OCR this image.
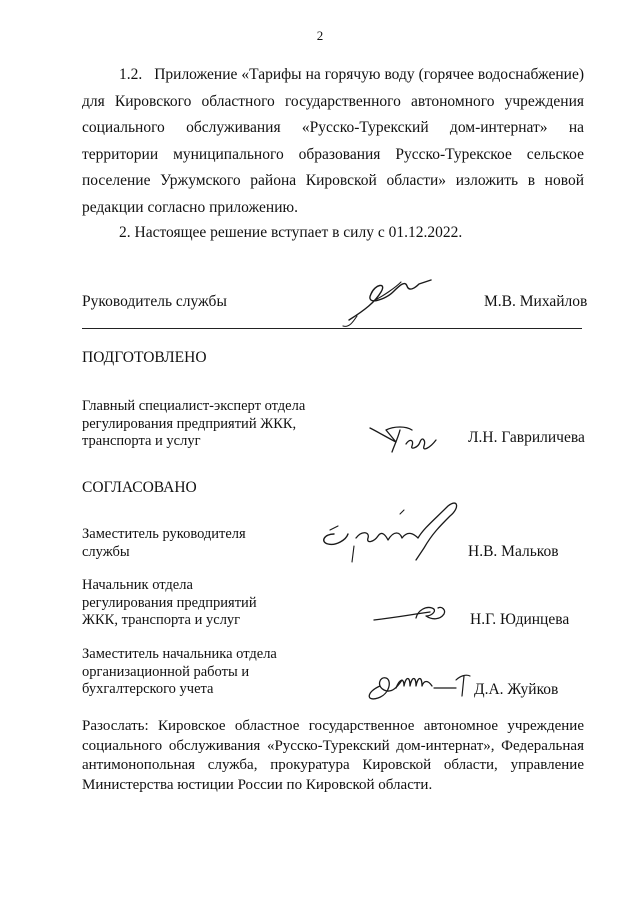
2
1.2. Приложение «Тарифы на горячую воду (горячее водоснабжение) для Кировского областного государственного автономного учреждения социального обслуживания «Русско-Турекский дом-интернат» на территории муниципального образования Русско-Турекское сельское поселение Уржумского района Кировской области» изложить в новой редакции согласно приложению.
2. Настоящее решение вступает в силу с 01.12.2022.
Руководитель службы	М.В. Михайлов
ПОДГОТОВЛЕНО
Главный специалист-эксперт отдела
регулирования предприятий ЖКК,
транспорта и услуг	Л.Н. Гавриличева
СОГЛАСОВАНО
Заместитель руководителя
службы	Н.В. Мальков
Начальник отдела
регулирования предприятий
ЖКК, транспорта и услуг	Н.Г. Юдинцева
Заместитель начальника отдела
организационной работы и
бухгалтерского учета	Д.А. Жуйков
Разослать: Кировское областное государственное автономное учреждение социального обслуживания «Русско-Турекский дом-интернат», Федеральная антимонопольная служба, прокуратура Кировской области, управление Министерства юстиции России по Кировской области.
